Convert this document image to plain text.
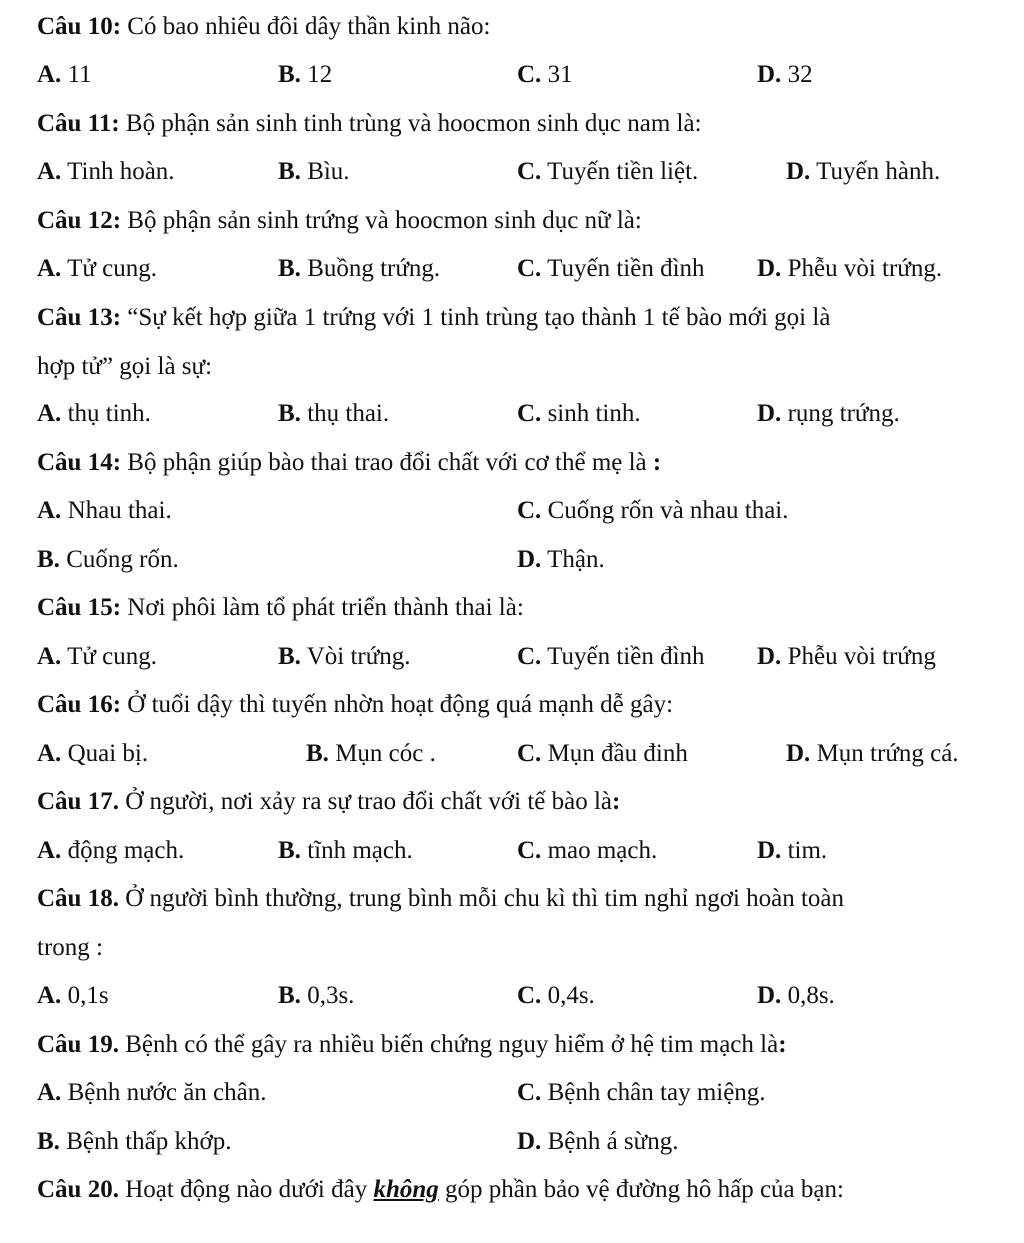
Câu 10: Có bao nhiêu đôi dây thần kinh não:
A. 11	B. 12	C. 31	D. 32
Câu 11: Bộ phận sản sinh tinh trùng và hoocmon sinh dục nam là:
A. Tinh hoàn.	B. Bìu.	C. Tuyến tiền liệt.	D. Tuyến hành.
Câu 12: Bộ phận sản sinh trứng và hoocmon sinh dục nữ là:
A. Tử cung.	B. Buồng trứng.	C. Tuyến tiền đình D. Phễu vòi trứng.
Câu 13: “Sự kết hợp giữa 1 trứng với 1 tinh trùng tạo thành 1 tế bào mới gọi là
hợp tử” gọi là sự:
A. thụ tinh.	B. thụ thai.	C. sinh tinh.	D. rụng trứng.
Câu 14: Bộ phận giúp bào thai trao đổi chất với cơ thể mẹ là :
A. Nhau thai.	C. Cuống rốn và nhau thai.
B. Cuống rốn.	D. Thận.
Câu 15: Nơi phôi làm tổ phát triển thành thai là:
A. Tử cung.	B. Vòi trứng.	C. Tuyến tiền đình D. Phễu vòi trứng
Câu 16: Ở tuổi dậy thì tuyến nhờn hoạt động quá mạnh dễ gây:
A. Quai bị.	B. Mụn cóc .	C. Mụn đầu đinh	D. Mụn trứng cá.
Câu 17. Ở người, nơi xảy ra sự trao đổi chất với tế bào là:
A. động mạch.	B. tĩnh mạch.	C. mao mạch.	D. tim.
Câu 18. Ở người bình thường, trung bình mỗi chu kì thì tim nghỉ ngơi hoàn toàn
trong :
A. 0,1s	B. 0,3s.	C. 0,4s.	D. 0,8s.
Câu 19. Bệnh có thể gây ra nhiều biến chứng nguy hiểm ở hệ tim mạch là:
A. Bệnh nước ăn chân.	C. Bệnh chân tay miệng.
B. Bệnh thấp khớp.	D. Bệnh á sừng.
Câu 20. Hoạt động nào dưới đây không góp phần bảo vệ đường hô hấp của bạn:
